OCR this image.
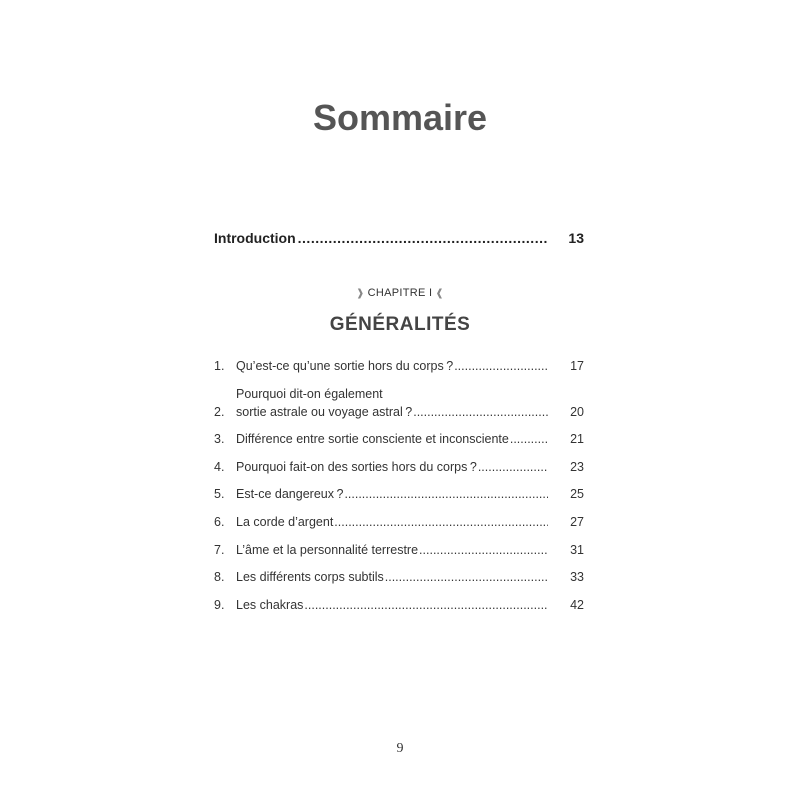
Sommaire
Introduction .....	13
❱ CHAPITRE I ❰
GÉNÉRALITÉS
1. Qu’est-ce qu’une sortie hors du corps ? .....	17
2.
Pourquoi dit-on également
sortie astrale ou voyage astral ? .....	20
3. Différence entre sortie consciente et inconsciente .....	21
4. Pourquoi fait-on des sorties hors du corps ? .....	23
5. Est-ce dangereux ? .....	25
6. La corde d’argent .....	27
7. L’âme et la personnalité terrestre .....	31
8. Les différents corps subtils .....	33
9. Les chakras .....	42
9
